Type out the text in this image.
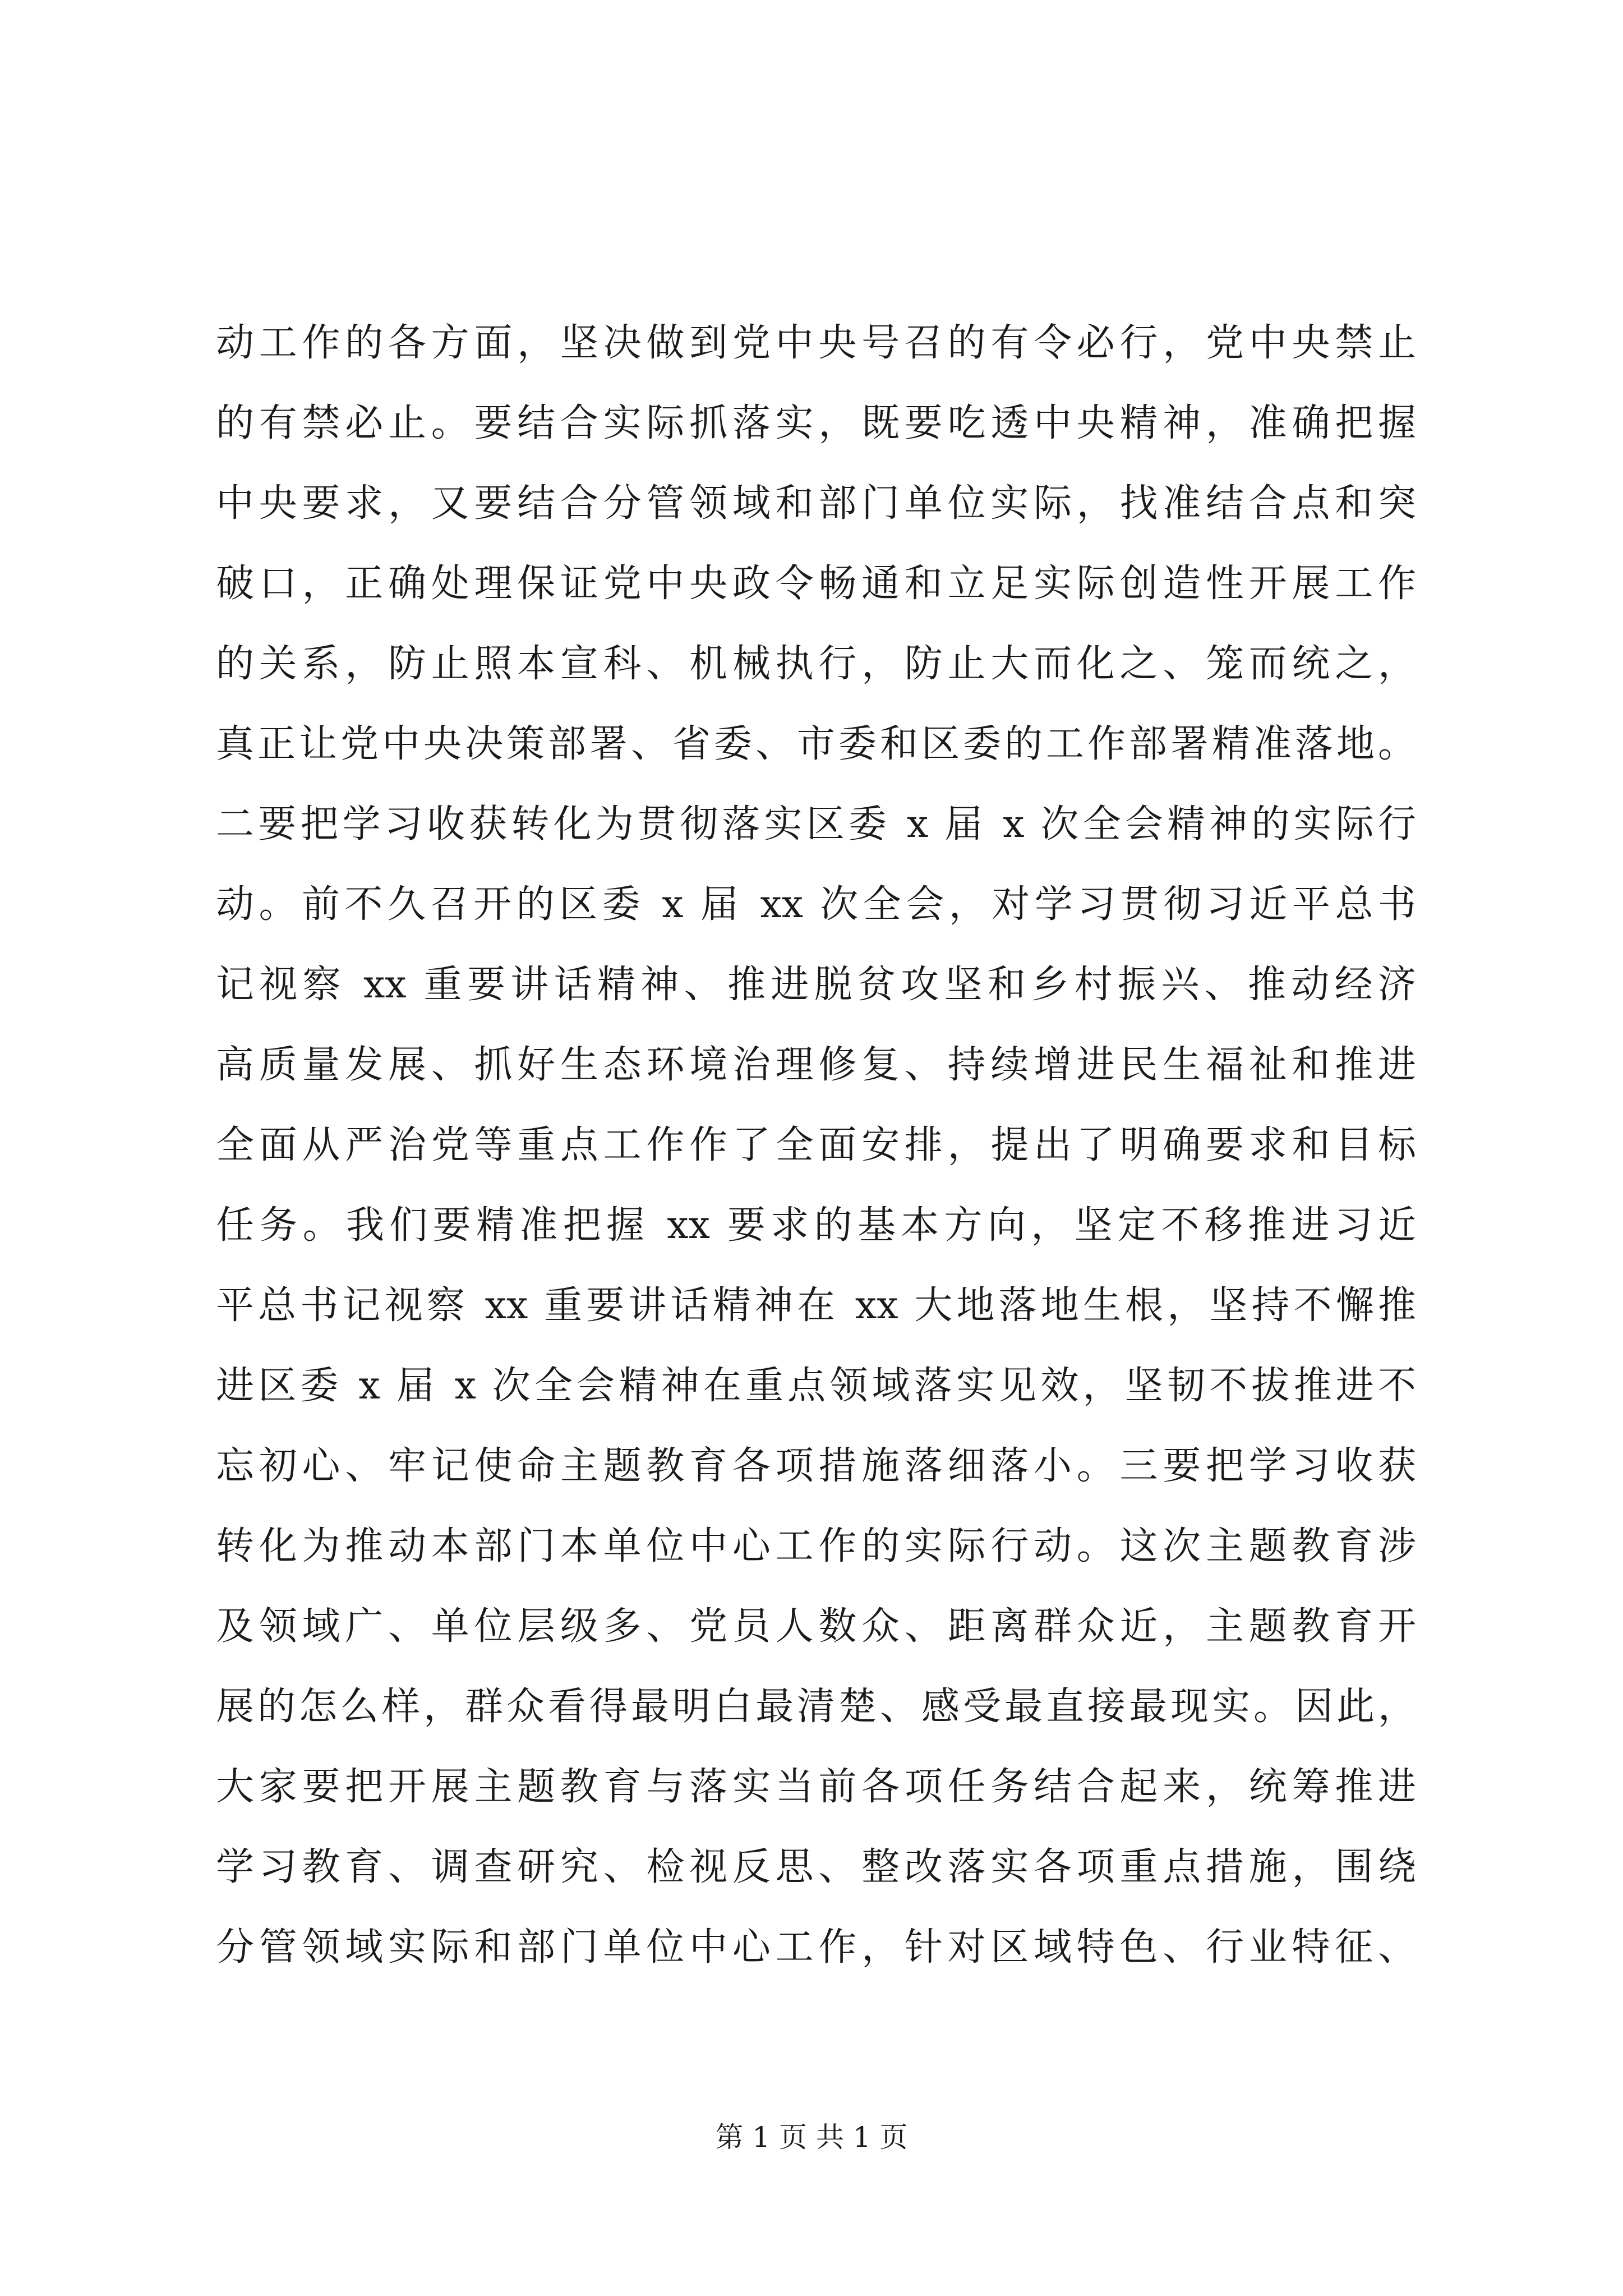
动工作的各方面，坚决做到党中央号召的有令必行，党中央禁止
的有禁必止。要结合实际抓落实，既要吃透中央精神，准确把握
中央要求，又要结合分管领域和部门单位实际，找准结合点和突
破口，正确处理保证党中央政令畅通和立足实际创造性开展工作
的关系，防止照本宣科、机械执行，防止大而化之、笼而统之，
真正让党中央决策部署、省委、市委和区委的工作部署精准落地。
二要把学习收获转化为贯彻落实区委 x 届 x 次全会精神的实际行
动。前不久召开的区委 x 届 xx 次全会，对学习贯彻习近平总书
记视察 xx 重要讲话精神、推进脱贫攻坚和乡村振兴、推动经济
高质量发展、抓好生态环境治理修复、持续增进民生福祉和推进
全面从严治党等重点工作作了全面安排，提出了明确要求和目标
任务。我们要精准把握 xx 要求的基本方向，坚定不移推进习近
平总书记视察 xx 重要讲话精神在 xx 大地落地生根，坚持不懈推
进区委 x 届 x 次全会精神在重点领域落实见效，坚韧不拔推进不
忘初心、牢记使命主题教育各项措施落细落小。三要把学习收获
转化为推动本部门本单位中心工作的实际行动。这次主题教育涉
及领域广、单位层级多、党员人数众、距离群众近，主题教育开
展的怎么样，群众看得最明白最清楚、感受最直接最现实。因此，
大家要把开展主题教育与落实当前各项任务结合起来，统筹推进
学习教育、调查研究、检视反思、整改落实各项重点措施，围绕
分管领域实际和部门单位中心工作，针对区域特色、行业特征、
第 1 页 共 1 页
